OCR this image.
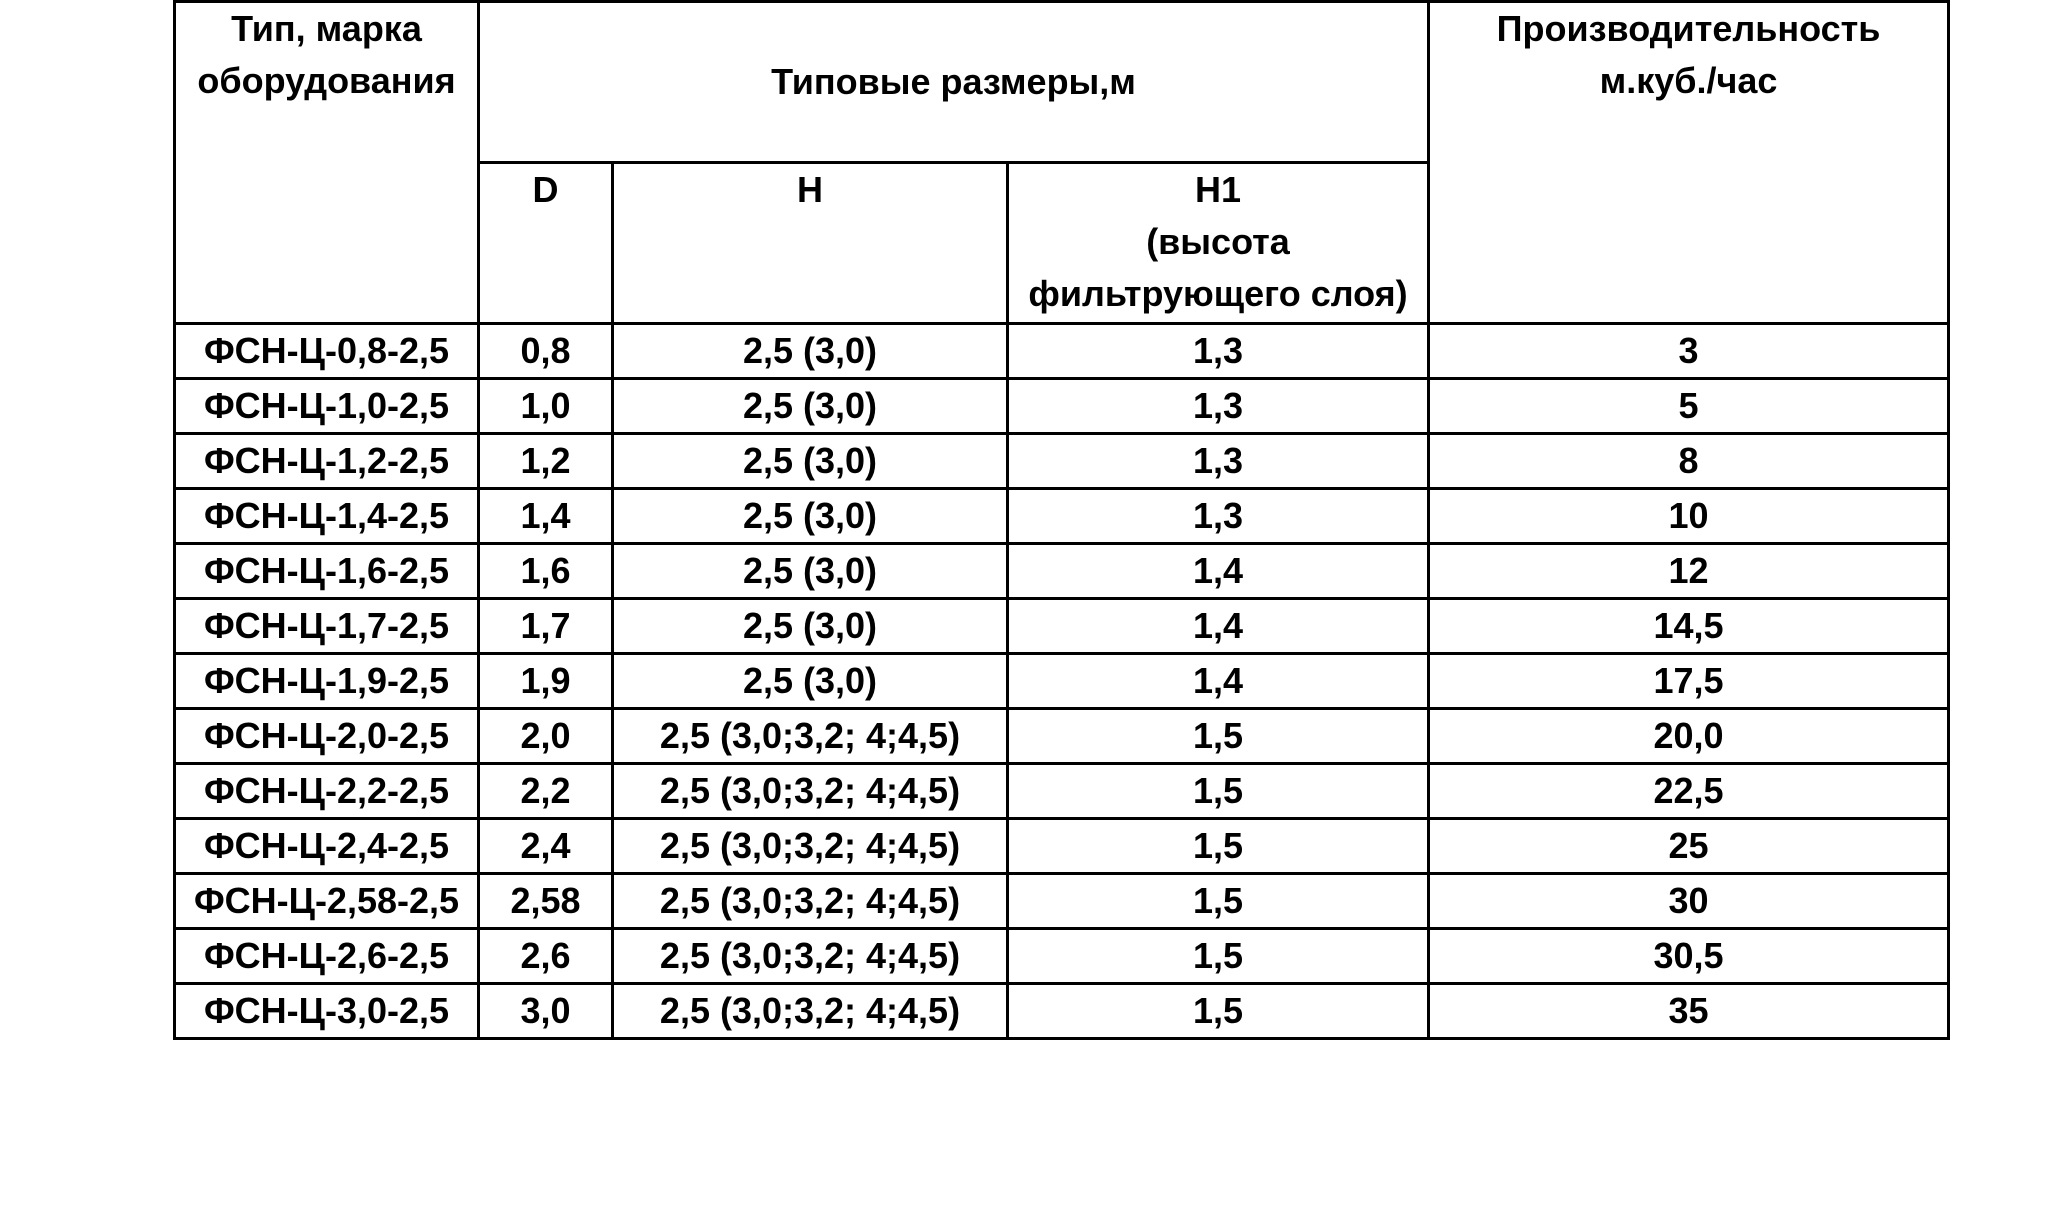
Тип, марка
оборудования	Типовые размеры,м			Производительность
м.куб./час

	D	H	H1
(высота
фильтрующего слоя)	

ФСН-Ц-0,8-2,5	0,8	2,5 (3,0)	1,3	3
ФСН-Ц-1,0-2,5	1,0	2,5 (3,0)	1,3	5
ФСН-Ц-1,2-2,5	1,2	2,5 (3,0)	1,3	8
ФСН-Ц-1,4-2,5	1,4	2,5 (3,0)	1,3	10
ФСН-Ц-1,6-2,5	1,6	2,5 (3,0)	1,4	12
ФСН-Ц-1,7-2,5	1,7	2,5 (3,0)	1,4	14,5
ФСН-Ц-1,9-2,5	1,9	2,5 (3,0)	1,4	17,5
ФСН-Ц-2,0-2,5	2,0	2,5 (3,0;3,2; 4;4,5)	1,5	20,0
ФСН-Ц-2,2-2,5	2,2	2,5 (3,0;3,2; 4;4,5)	1,5	22,5
ФСН-Ц-2,4-2,5	2,4	2,5 (3,0;3,2; 4;4,5)	1,5	25
ФСН-Ц-2,58-2,5	2,58	2,5 (3,0;3,2; 4;4,5)	1,5	30
ФСН-Ц-2,6-2,5	2,6	2,5 (3,0;3,2; 4;4,5)	1,5	30,5
ФСН-Ц-3,0-2,5	3,0	2,5 (3,0;3,2; 4;4,5)	1,5	35
